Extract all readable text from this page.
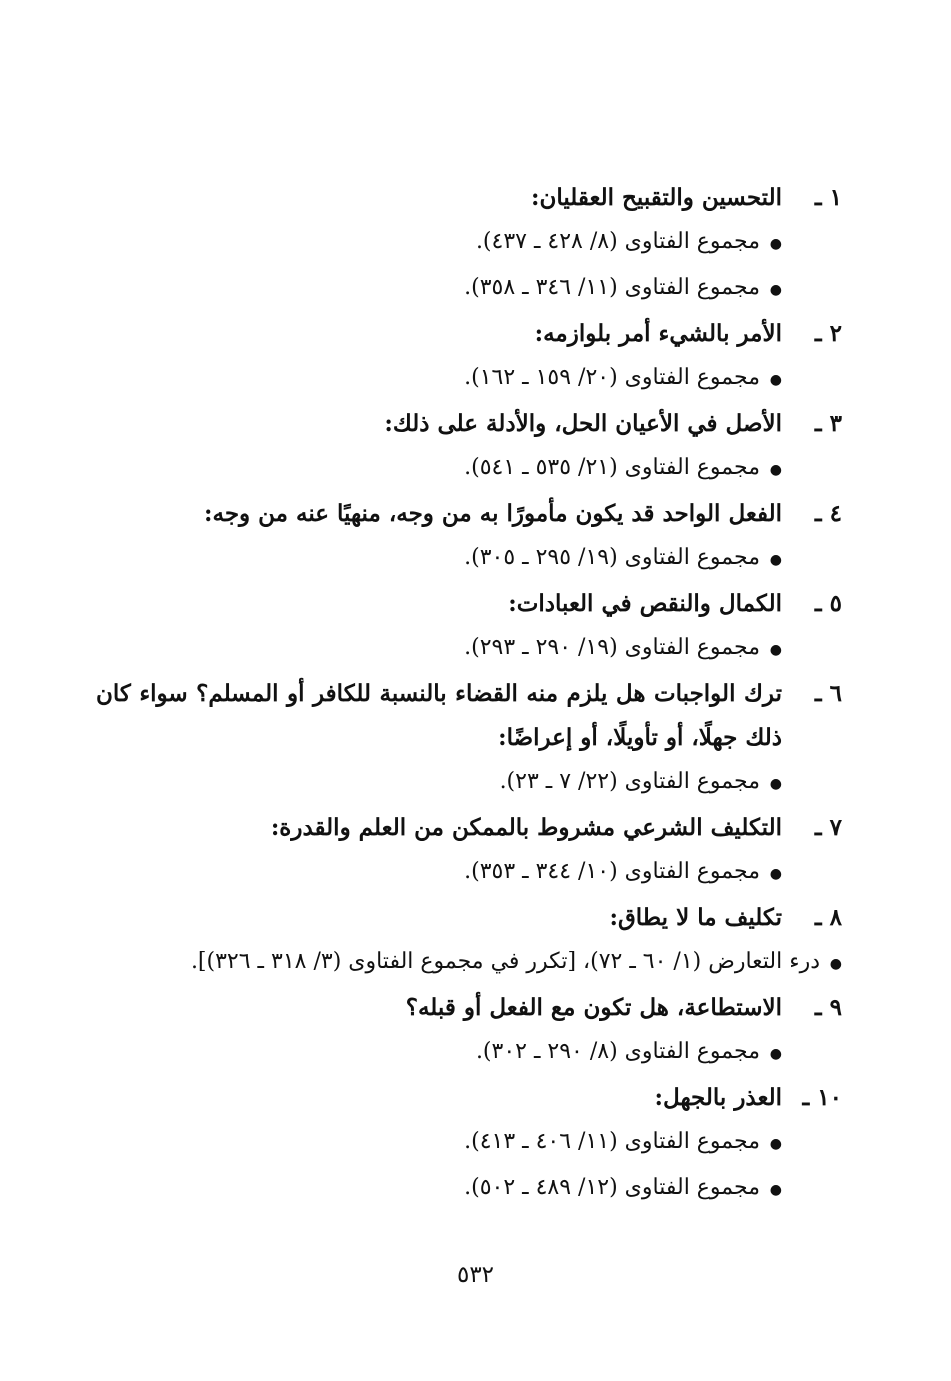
١ ـ
التحسين والتقبيح العقليان:
●
مجموع الفتاوى (٨/ ٤٢٨ ـ ٤٣٧).
●
مجموع الفتاوى (١١/ ٣٤٦ ـ ٣٥٨).
٢ ـ
الأمر بالشيء أمر بلوازمه:
●
مجموع الفتاوى (٢٠/ ١٥٩ ـ ١٦٢).
٣ ـ
الأصل في الأعيان الحل، والأدلة على ذلك:
●
مجموع الفتاوى (٢١/ ٥٣٥ ـ ٥٤١).
٤ ـ
الفعل الواحد قد يكون مأمورًا به من وجه، منهيًا عنه من وجه:
●
مجموع الفتاوى (١٩/ ٢٩٥ ـ ٣٠٥).
٥ ـ
الكمال والنقص في العبادات:
●
مجموع الفتاوى (١٩/ ٢٩٠ ـ ٢٩٣).
٦ ـ
ترك الواجبات هل يلزم منه القضاء بالنسبة للكافر أو المسلم؟ سواء كان ذلك جهلًا، أو تأويلًا، أو إعراضًا:
●
مجموع الفتاوى (٢٢/ ٧ ـ ٢٣).
٧ ـ
التكليف الشرعي مشروط بالممكن من العلم والقدرة:
●
مجموع الفتاوى (١٠/ ٣٤٤ ـ ٣٥٣).
٨ ـ
تكليف ما لا يطاق:
●
درء التعارض (١/ ٦٠ ـ ٧٢)، [تكرر في مجموع الفتاوى (٣/ ٣١٨ ـ ٣٢٦)].
٩ ـ
الاستطاعة، هل تكون مع الفعل أو قبله؟
●
مجموع الفتاوى (٨/ ٢٩٠ ـ ٣٠٢).
١٠ ـ
العذر بالجهل:
●
مجموع الفتاوى (١١/ ٤٠٦ ـ ٤١٣).
●
مجموع الفتاوى (١٢/ ٤٨٩ ـ ٥٠٢).
٥٣٢
